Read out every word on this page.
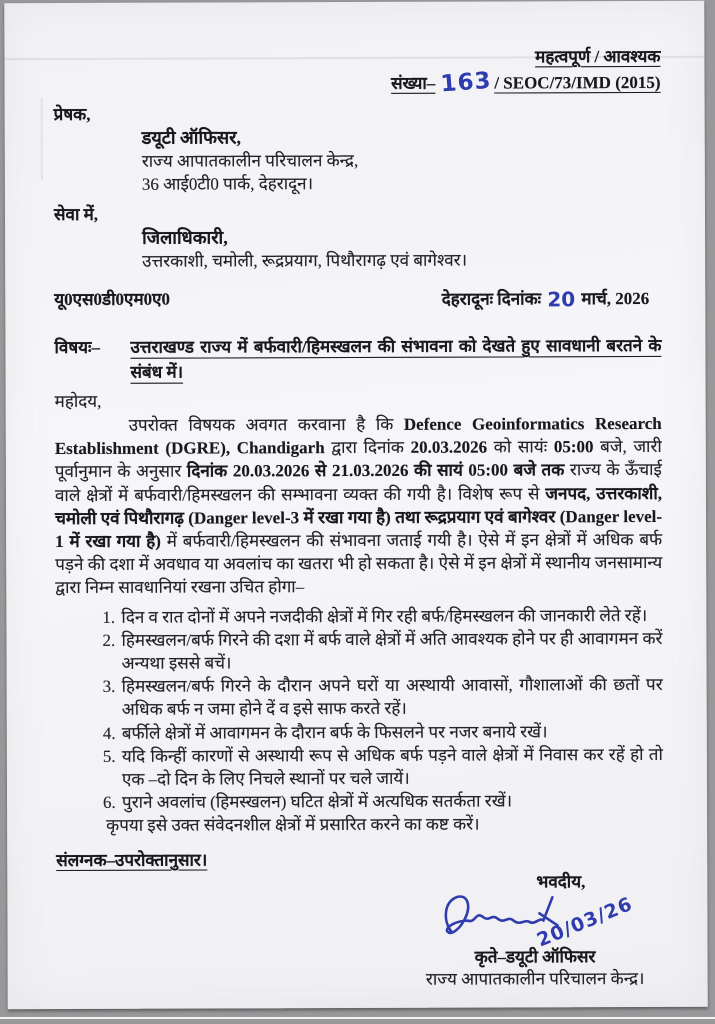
महत्वपूर्ण / आवश्यक
संख्या– 163 / SEOC/73/IMD (2015)
प्रेषक,
डयूटी ऑफिसर,
राज्य आपातकालीन परिचालन केन्द्र,
36 आई0टी0 पार्क, देहरादून।
सेवा में,
जिलाधिकारी,
उत्तरकाशी, चमोली, रूद्रप्रयाग, पिथौरागढ़ एवं बागेश्वर।
यू0एस0डी0एम0ए0	देहरादूनः दिनांकः 20 मार्च, 2026
विषयः–	उत्तराखण्ड राज्य में बर्फवारी/हिमस्खलन की संभावना को देखते हुए सावधानी बरतने के संबंध में।
महोदय,

उपरोक्त विषयक अवगत करवाना है कि Defence Geoinformatics Research Establishment (DGRE), Chandigarh द्वारा दिनांक 20.03.2026 को सायंः 05:00 बजे, जारी पूर्वानुमान के अनुसार दिनांक 20.03.2026 से 21.03.2026 की सायं 05:00 बजे तक राज्य के ऊँचाई वाले क्षेत्रों में बर्फवारी/हिमस्खलन की सम्भावना व्यक्त की गयी है। विशेष रूप से जनपद, उत्तरकाशी, चमोली एवं पिथौरागढ़ (Danger level-3 में रखा गया है) तथा रूद्रप्रयाग एवं बागेश्वर (Danger level-1 में रखा गया है) में बर्फवारी/हिमस्खलन की संभावना जताई गयी है। ऐसे में इन क्षेत्रों में अधिक बर्फ पड़ने की दशा में अवधाव या अवलांच का खतरा भी हो सकता है। ऐसे में इन क्षेत्रों में स्थानीय जनसामान्य द्वारा निम्न सावधानियां रखना उचित होगा–

1. दिन व रात दोनों में अपने नजदीकी क्षेत्रों में गिर रही बर्फ/हिमस्खलन की जानकारी लेते रहें।
2. हिमस्खलन/बर्फ गिरने की दशा में बर्फ वाले क्षेत्रों में अति आवश्यक होने पर ही आवागमन करें अन्यथा इससे बचें।
3. हिमस्खलन/बर्फ गिरने के दौरान अपने घरों या अस्थायी आवासों, गौशालाओं की छतों पर अधिक बर्फ न जमा होने दें व इसे साफ करते रहें।
4. बर्फीले क्षेत्रों में आवागमन के दौरान बर्फ के फिसलने पर नजर बनाये रखें।
5. यदि किन्हीं कारणों से अस्थायी रूप से अधिक बर्फ पड़ने वाले क्षेत्रों में निवास कर रहें हो तो एक –दो दिन के लिए निचले स्थानों पर चले जायें।
6. पुराने अवलांच (हिमस्खलन) घटित क्षेत्रों में अत्यधिक सतर्कता रखें।
कृपया इसे उक्त संवेदनशील क्षेत्रों में प्रसारित करने का कष्ट करें।
संलग्नक–उपरोक्तानुसार।
भवदीय,
20/03/26
कृते–डयूटी ऑफिसर
राज्य आपातकालीन परिचालन केन्द्र।
